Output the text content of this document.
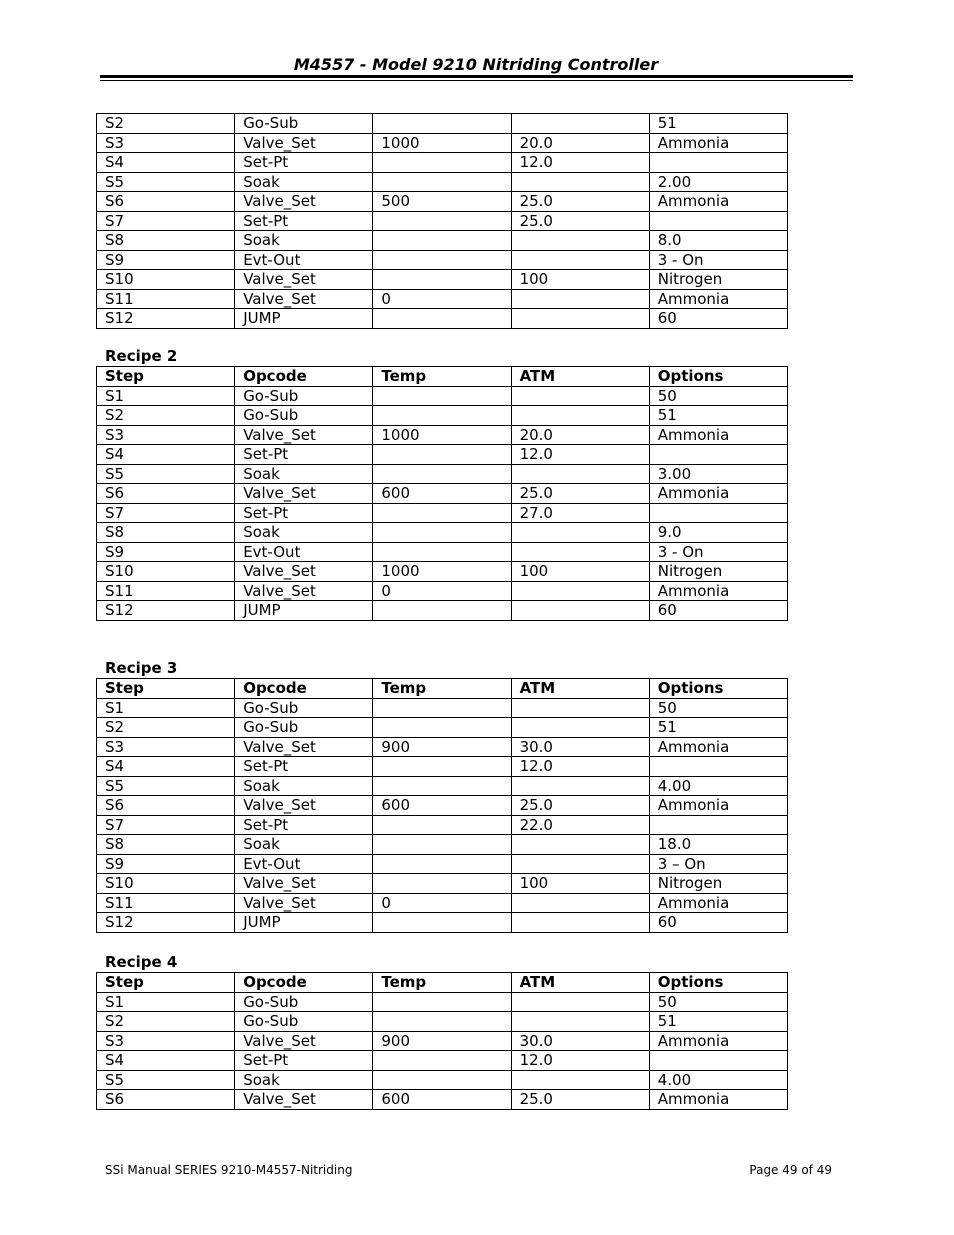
M4557 - Model 9210 Nitriding Controller
S2	Go-Sub			51
S3	Valve_Set	1000	20.0	Ammonia
S4	Set-Pt		12.0	
S5	Soak			2.00
S6	Valve_Set	500	25.0	Ammonia
S7	Set-Pt		25.0	
S8	Soak			8.0
S9	Evt-Out			3 - On
S10	Valve_Set		100	Nitrogen
S11	Valve_Set	0		Ammonia
S12	JUMP			60
Recipe 2
Step	Opcode	Temp	ATM	Options
S1	Go-Sub			50
S2	Go-Sub			51
S3	Valve_Set	1000	20.0	Ammonia
S4	Set-Pt		12.0	
S5	Soak			3.00
S6	Valve_Set	600	25.0	Ammonia
S7	Set-Pt		27.0	
S8	Soak			9.0
S9	Evt-Out			3 - On
S10	Valve_Set	1000	100	Nitrogen
S11	Valve_Set	0		Ammonia
S12	JUMP			60
Recipe 3
Step	Opcode	Temp	ATM	Options
S1	Go-Sub			50
S2	Go-Sub			51
S3	Valve_Set	900	30.0	Ammonia
S4	Set-Pt		12.0	
S5	Soak			4.00
S6	Valve_Set	600	25.0	Ammonia
S7	Set-Pt		22.0	
S8	Soak			18.0
S9	Evt-Out			3 – On
S10	Valve_Set		100	Nitrogen
S11	Valve_Set	0		Ammonia
S12	JUMP			60
Recipe 4
Step	Opcode	Temp	ATM	Options
S1	Go-Sub			50
S2	Go-Sub			51
S3	Valve_Set	900	30.0	Ammonia
S4	Set-Pt		12.0	
S5	Soak			4.00
S6	Valve_Set	600	25.0	Ammonia
SSi Manual SERIES 9210-M4557-Nitriding	Page 49 of 49
